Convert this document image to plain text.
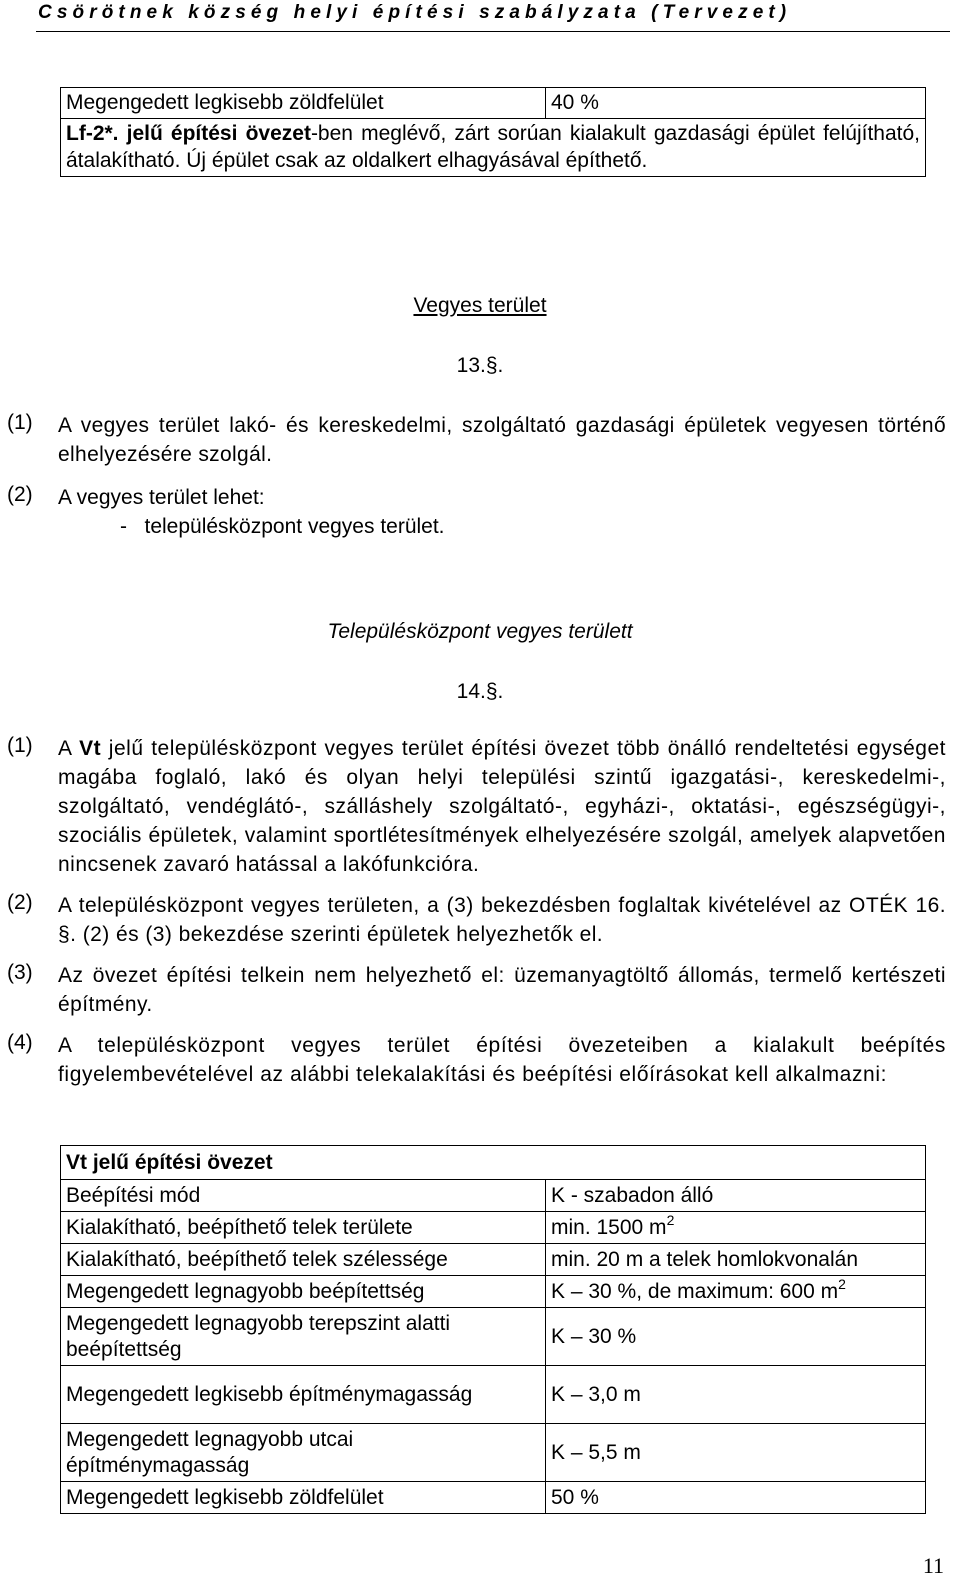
Csörötnek község helyi építési szabályzata (Tervezet)
Megengedett legkisebb zöldfelület	40 %
Lf-2*. jelű építési övezet-ben meglévő, zárt sorúan kialakult gazdasági épület felújítható, átalakítható. Új épület csak az oldalkert elhagyásával építhető.
Vegyes terület
13.§.
(1) A vegyes terület lakó- és kereskedelmi, szolgáltató gazdasági épületek vegyesen történő elhelyezésére szolgál.
(2) A vegyes terület lehet:
-   településközpont vegyes terület.
Településközpont vegyes területt
14.§.
(1) A Vt jelű településközpont vegyes terület építési övezet több önálló rendeltetési egységet magába foglaló, lakó és olyan helyi települési szintű igazgatási-, kereskedelmi-, szolgáltató, vendéglátó-, szálláshely szolgáltató-, egyházi-, oktatási-, egészségügyi-, szociális épületek, valamint sportlétesítmények elhelyezésére szolgál, amelyek alapvetően nincsenek zavaró hatással a lakófunkcióra.
(2) A településközpont vegyes területen, a (3) bekezdésben foglaltak kivételével az OTÉK 16. §. (2) és (3) bekezdése szerinti épületek helyezhetők el.
(3) Az övezet építési telkein nem helyezhető el: üzemanyagtöltő állomás, termelő kertészeti építmény.
(4) A településközpont vegyes terület építési övezeteiben a kialakult beépítés figyelembevételével az alábbi telekalakítási és beépítési előírásokat kell alkalmazni:
Vt jelű építési övezet	
Beépítési mód	K - szabadon álló
Kialakítható, beépíthető telek területe	min. 1500 $m^2$
Kialakítható, beépíthető telek szélessége	min. 20 m a telek homlokvonalán
Megengedett legnagyobb beépítettség	K – 30 %, de maximum: 600 $m^2$
Megengedett legnagyobb terepszint alatti beépítettség	K – 30 %
Megengedett legkisebb építménymagasság	K – 3,0 m
Megengedett legnagyobb utcai építménymagasság	K – 5,5 m
Megengedett legkisebb zöldfelület	50 %
11
